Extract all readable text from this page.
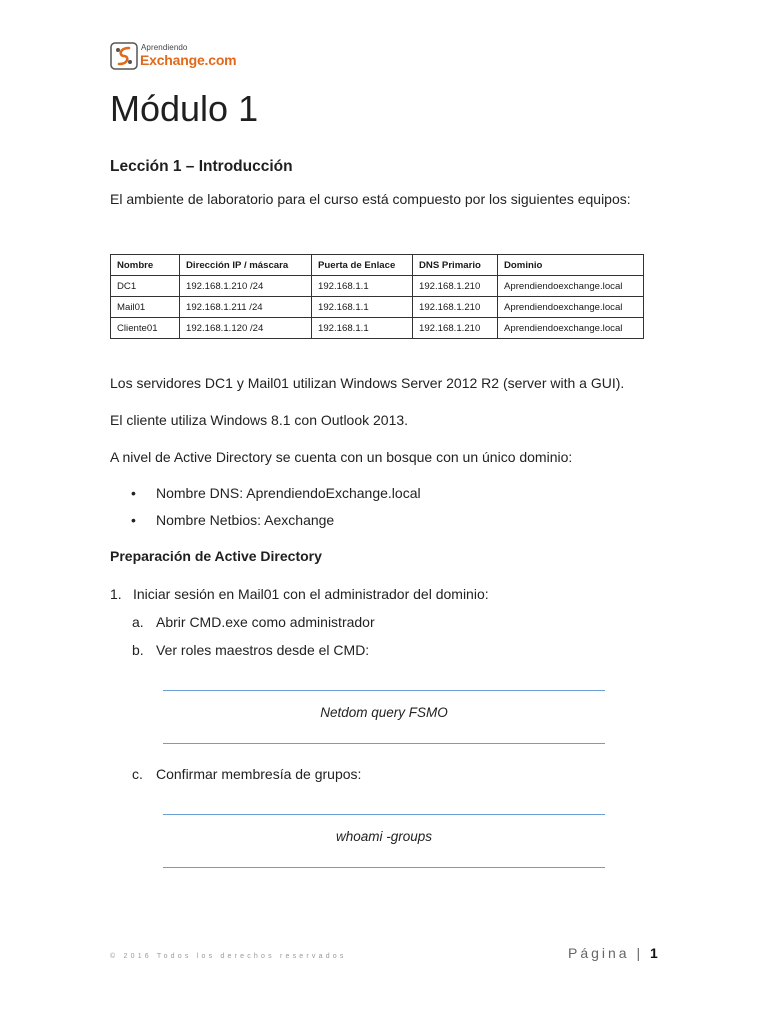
Aprendiendo
Exchange.com
Módulo 1
Lección 1 – Introducción
El ambiente de laboratorio para el curso está compuesto por los siguientes equipos:
Nombre	Dirección IP / máscara	Puerta de Enlace	DNS Primario	Dominio
DC1	192.168.1.210 /24	192.168.1.1	192.168.1.210	Aprendiendoexchange.local
Mail01	192.168.1.211 /24	192.168.1.1	192.168.1.210	Aprendiendoexchange.local
Cliente01	192.168.1.120 /24	192.168.1.1	192.168.1.210	Aprendiendoexchange.local
Los servidores DC1 y Mail01 utilizan Windows Server 2012 R2 (server with a GUI).
El cliente utiliza Windows 8.1 con Outlook 2013.
A nivel de Active Directory se cuenta con un bosque con un único dominio:
•	Nombre DNS: AprendiendoExchange.local
•	Nombre Netbios: Aexchange
Preparación de Active Directory
1. Iniciar sesión en Mail01 con el administrador del dominio:
a. Abrir CMD.exe como administrador
b. Ver roles maestros desde el CMD:
Netdom query FSMO
c. Confirmar membresía de grupos:
whoami -groups
© 2016 Todos los derechos reservados	Página | 1
